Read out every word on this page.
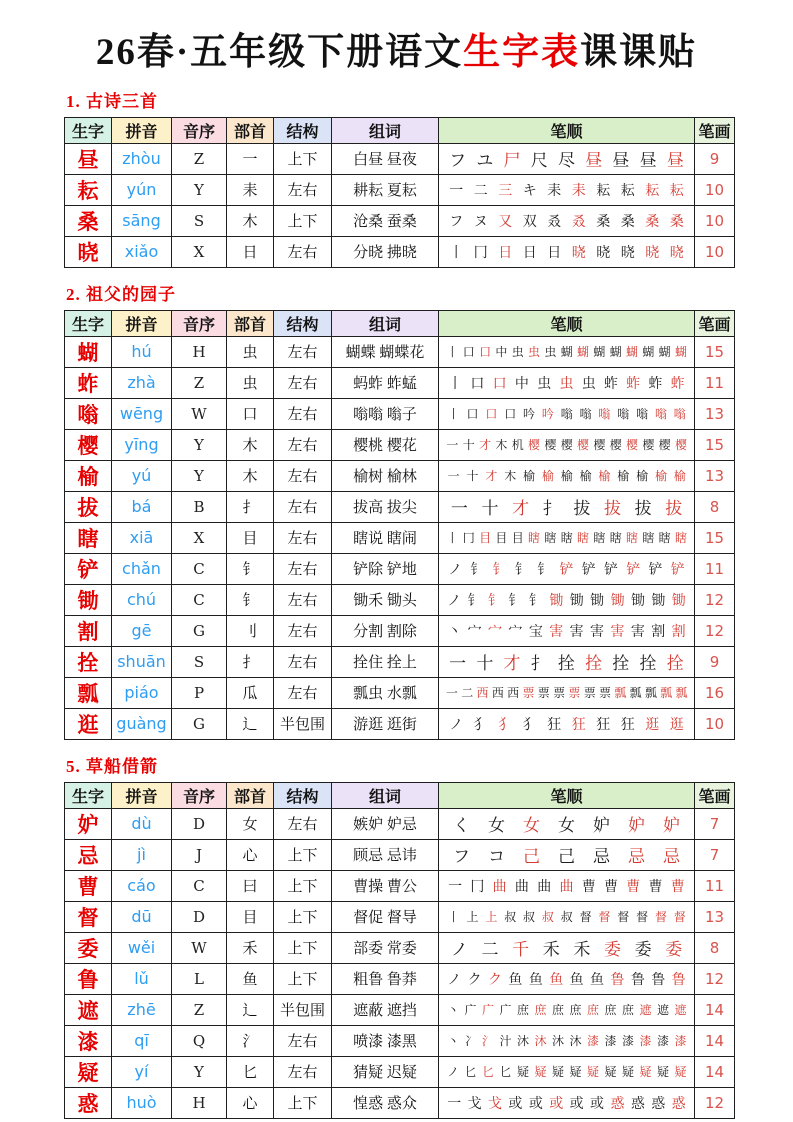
26春·五年级下册语文生字表课课贴
1. 古诗三首
生字	拼音	音序	部首	结构	组词	笔顺	笔画
昼	zhòu	Z	一	上下	白昼 昼夜	フ ユ 尸 尺 尽 昼 昼 昼 昼	9
耘	yún	Y	耒	左右	耕耘 夏耘	一 二 三 キ 耒 耒 耘 耘 耘 耘	10
桑	sāng	S	木	上下	沧桑 蚕桑	フ ヌ 又 双 叒 叒 桑 桑 桑 桑	10
晓	xiǎo	X	日	左右	分晓 拂晓	丨 冂 日 日 日 晓 晓 晓 晓 晓	10
2. 祖父的园子
生字	拼音	音序	部首	结构	组词	笔顺	笔画
蝴	hú	H	虫	左右	蝴蝶 蝴蝶花	丨 口 口 中 虫 虫 虫 蝴 蝴 蝴 蝴 蝴 蝴 蝴 蝴	15
蚱	zhà	Z	虫	左右	蚂蚱 蚱蜢	丨 口 口 中 虫 虫 虫 蚱 蚱 蚱 蚱	11
嗡	wēng	W	口	左右	嗡嗡 嗡子	丨 口 口 口 吟 吟 嗡 嗡 嗡 嗡 嗡 嗡 嗡	13
樱	yīng	Y	木	左右	樱桃 樱花	一 十 才 木 机 樱 樱 樱 樱 樱 樱 樱 樱 樱 樱	15
榆	yú	Y	木	左右	榆树 榆林	一 十 才 木 榆 榆 榆 榆 榆 榆 榆 榆 榆	13
拔	bá	B	扌	左右	拔高 拔尖	一 十 才 扌 拔 拔 拔 拔	8
瞎	xiā	X	目	左右	瞎说 瞎闹	丨 冂 目 目 目 瞎 瞎 瞎 瞎 瞎 瞎 瞎 瞎 瞎 瞎	15
铲	chǎn	C	钅	左右	铲除 铲地	ノ 钅 钅 钅 钅 铲 铲 铲 铲 铲 铲	11
锄	chú	C	钅	左右	锄禾 锄头	ノ 钅 钅 钅 钅 锄 锄 锄 锄 锄 锄 锄	12
割	gē	G	刂	左右	分割 割除	丶 宀 宀 宀 宝 害 害 害 害 害 割 割	12
拴	shuān	S	扌	左右	拴住 拴上	一 十 才 扌 拴 拴 拴 拴 拴	9
瓢	piáo	P	瓜	左右	瓢虫 水瓢	一 二 西 西 西 票 票 票 票 票 票 瓢 瓢 瓢 瓢 瓢	16
逛	guàng	G	辶	半包围	游逛 逛街	ノ 犭 犭 犭 狂 狂 狂 狂 逛 逛	10
5. 草船借箭
生字	拼音	音序	部首	结构	组词	笔顺	笔画
妒	dù	D	女	左右	嫉妒 妒忌	く 女 女 女 妒 妒 妒	7
忌	jì	J	心	上下	顾忌 忌讳	フ コ 己 己 忌 忌 忌	7
曹	cáo	C	曰	上下	曹操 曹公	一 冂 曲 曲 曲 曲 曹 曹 曹 曹 曹	11
督	dū	D	目	上下	督促 督导	丨 上 上 叔 叔 叔 叔 督 督 督 督 督 督	13
委	wěi	W	禾	上下	部委 常委	ノ 二 千 禾 禾 委 委 委	8
鲁	lǔ	L	鱼	上下	粗鲁 鲁莽	ノ ク ク 鱼 鱼 鱼 鱼 鱼 鲁 鲁 鲁 鲁	12
遮	zhē	Z	辶	半包围	遮蔽 遮挡	丶 广 广 广 庶 庶 庶 庶 庶 庶 庶 遮 遮 遮	14
漆	qī	Q	氵	左右	喷漆 漆黑	丶 冫 氵 汁 沐 沐 沐 沐 漆 漆 漆 漆 漆 漆	14
疑	yí	Y	匕	左右	猜疑 迟疑	ノ 匕 匕 匕 疑 疑 疑 疑 疑 疑 疑 疑 疑 疑	14
惑	huò	H	心	上下	惶惑 惑众	一 戈 戈 或 或 或 或 或 惑 惑 惑 惑	12
